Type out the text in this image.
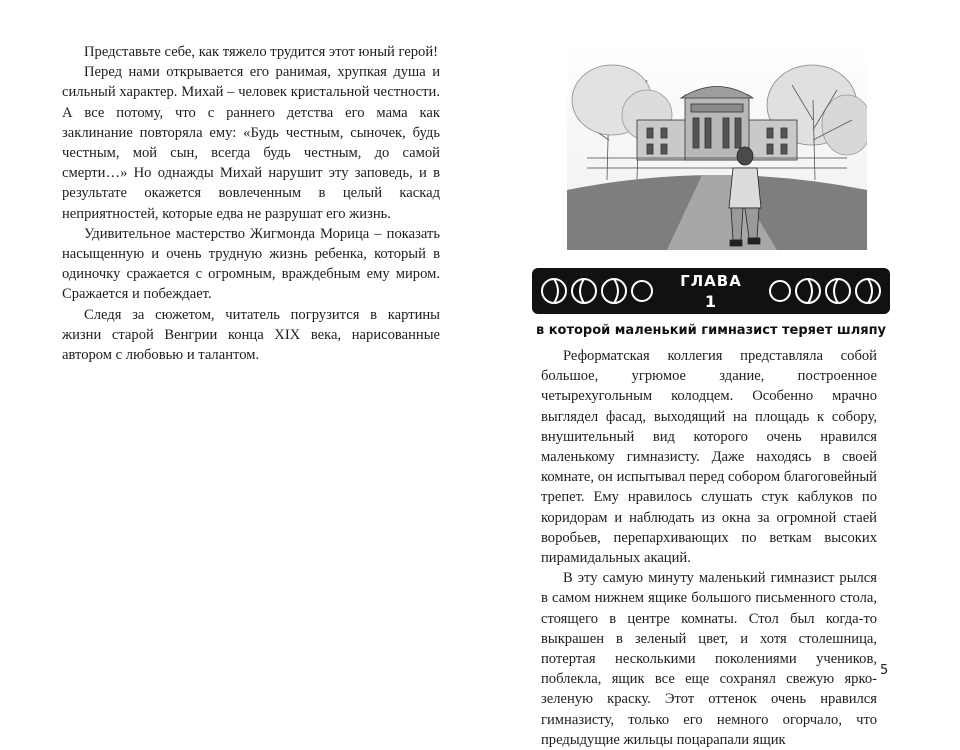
Представьте себе, как тяжело трудится этот юный герой!

Перед нами открывается его ранимая, хрупкая душа и сильный характер. Михай – человек кристальной честности. А все потому, что с раннего детства его мама как заклинание повторяла ему: «Будь честным, сыночек, будь честным, мой сын, всегда будь честным, до самой смерти…» Но однажды Михай нарушит эту заповедь, и в результате окажется вовлеченным в целый каскад неприятностей, которые едва не разрушат его жизнь.

Удивительное мастерство Жигмонда Морица – показать насыщенную и очень трудную жизнь ребенка, который в одиночку сражается с огромным, враждебным ему миром. Сражается и побеждает.

Следя за сюжетом, читатель погрузится в картины жизни старой Венгрии конца XIX века, нарисованные автором с любовью и талантом.

ГЛАВА
1
в которой маленький гимназист теряет шляпу

Реформатская коллегия представляла собой большое, угрюмое здание, построенное четырехугольным колодцем. Особенно мрачно выглядел фасад, выходящий на площадь к собору, внушительный вид которого очень нравился маленькому гимназисту. Даже находясь в своей комнате, он испытывал перед собором благоговейный трепет. Ему нравилось слушать стук каблуков по коридорам и наблюдать из окна за огромной стаей воробьев, перепархивающих по веткам высоких пирамидальных акаций.

В эту самую минуту маленький гимназист рылся в самом нижнем ящике большого письменного стола, стоящего в центре комнаты. Стол был когда-то выкрашен в зеленый цвет, и хотя столешница, потертая несколькими поколениями учеников, поблекла, ящик все еще сохранял свежую ярко-зеленую краску. Этот оттенок очень нравился гимназисту, только его немного огорчало, что предыдущие жильцы поцарапали ящик

5
